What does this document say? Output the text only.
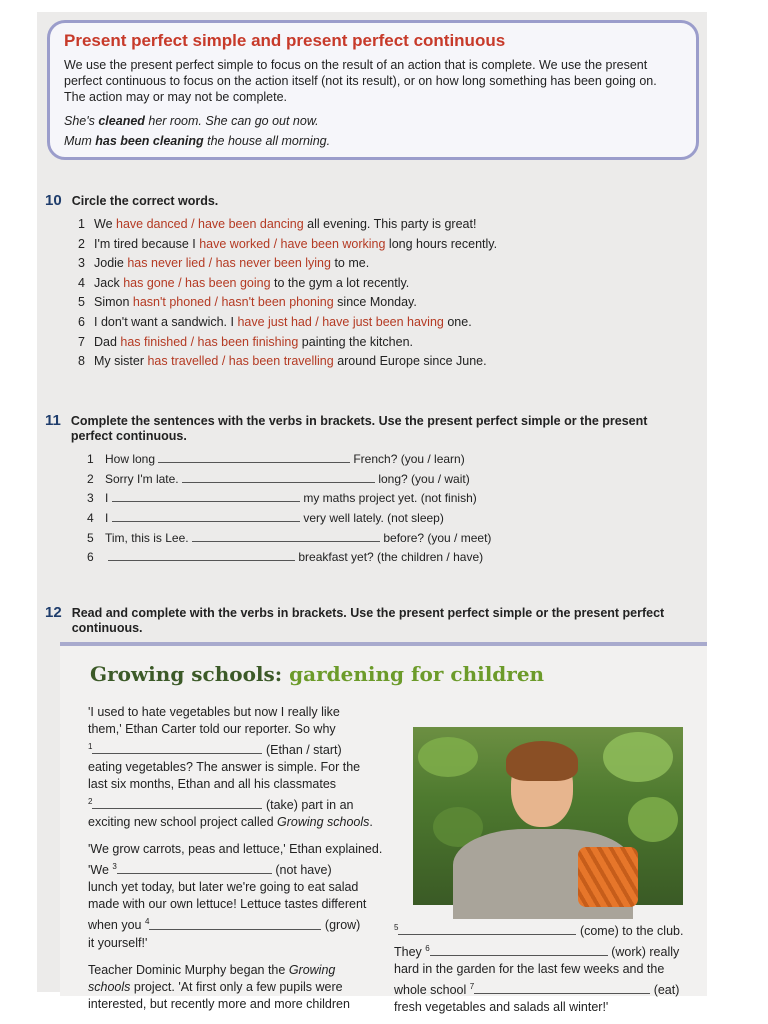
Present perfect simple and present perfect continuous
We use the present perfect simple to focus on the result of an action that is complete. We use the present
perfect continuous to focus on the action itself (not its result), or on how long something has been going on.
The action may or may not be complete.
She's cleaned her room. She can go out now.
Mum has been cleaning the house all morning.
10 Circle the correct words.
1 We have danced / have been dancing all evening. This party is great!
2 I'm tired because I have worked / have been working long hours recently.
3 Jodie has never lied / has never been lying to me.
4 Jack has gone / has been going to the gym a lot recently.
5 Simon hasn't phoned / hasn't been phoning since Monday.
6 I don't want a sandwich. I have just had / have just been having one.
7 Dad has finished / has been finishing painting the kitchen.
8 My sister has travelled / has been travelling around Europe since June.
11 Complete the sentences with the verbs in brackets. Use the present perfect simple or the present
perfect continuous.
1 How long	French? (you / learn)
2 Sorry I'm late.	long? (you / wait)
3 I	my maths project yet. (not finish)
4 I	very well lately. (not sleep)
5 Tim, this is Lee.	before? (you / meet)
6	breakfast yet? (the children / have)
12 Read and complete with the verbs in brackets. Use the present perfect simple or the present perfect
continuous.
Growing schools: gardening for children

'I used to hate vegetables but now I really like
them,' Ethan Carter told our reporter. So why
$^1$	(Ethan / start)
eating vegetables? The answer is simple. For the
last six months, Ethan and all his classmates
$^2$	(take) part in an
exciting new school project called Growing schools.

'We grow carrots, peas and lettuce,' Ethan explained.
'We $^3$	(not have)
lunch yet today, but later we're going to eat salad
made with our own lettuce! Lettuce tastes different
when you $^4$	(grow)
it yourself!'

Teacher Dominic Murphy began the Growing
schools project. 'At first only a few pupils were
interested, but recently more and more children

$^5$	(come) to the club.
They $^6$	(work) really
hard in the garden for the last few weeks and the
whole school $^7$	(eat)
fresh vegetables and salads all winter!'
